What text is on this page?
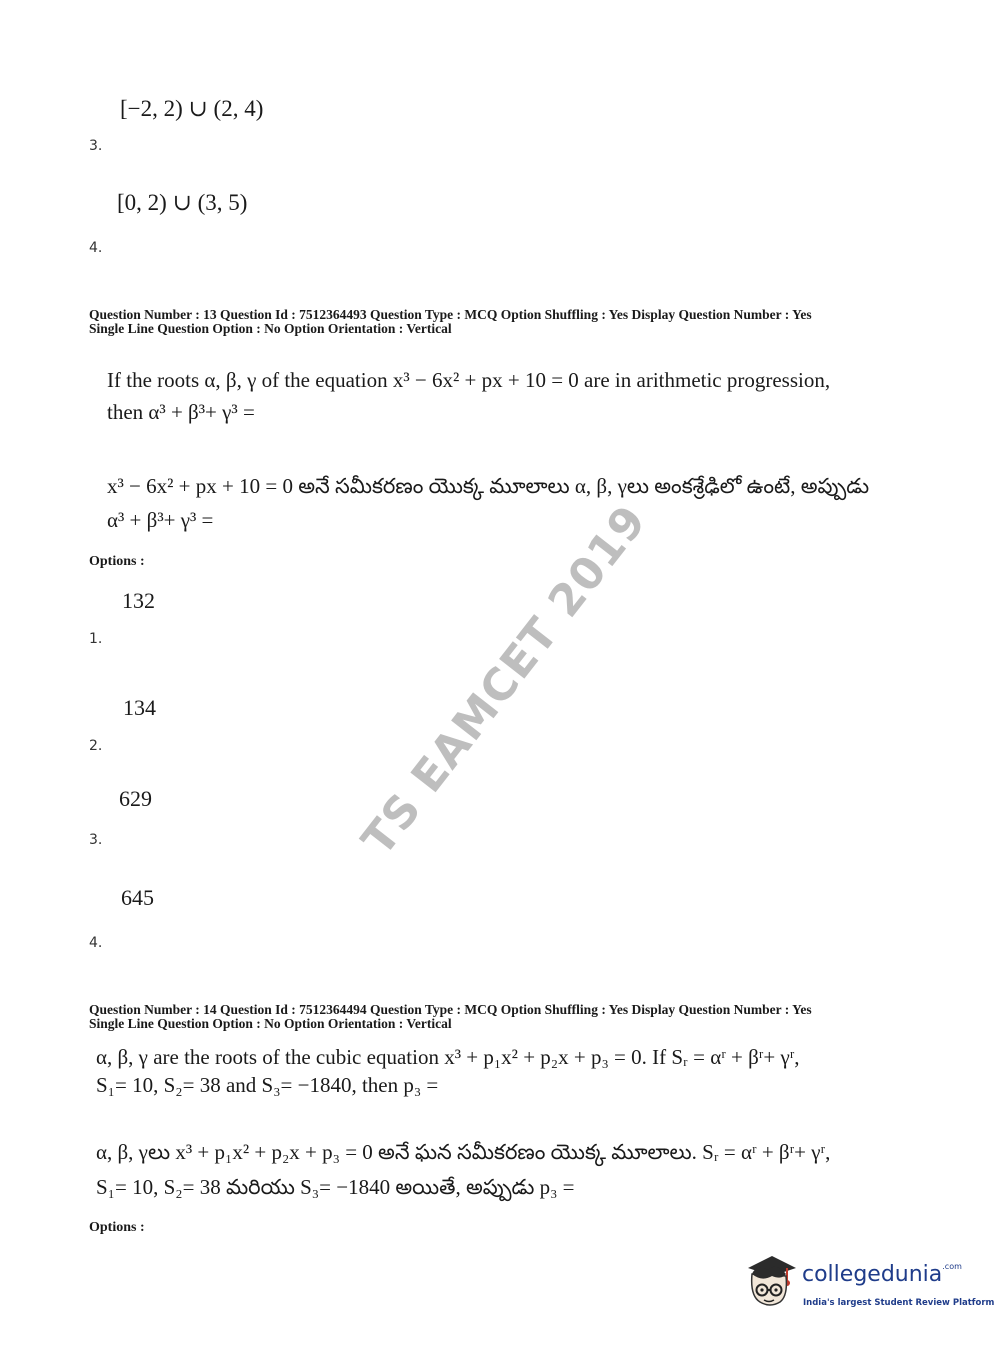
[−2, 2) ∪ (2, 4)
3.
[0, 2) ∪ (3, 5)
4.
Question Number : 13 Question Id : 7512364493 Question Type : MCQ Option Shuffling : Yes Display Question Number : Yes
Single Line Question Option : No Option Orientation : Vertical
If the roots α, β, γ of the equation x³ − 6x² + px + 10 = 0 are in arithmetic progression,
then α³ + β³+ γ³ =
x³ − 6x² + px + 10 = 0 అనే సమీకరణం యొక్క మూలాలు α, β, γలు అంకశ్రేఢిలో ఉంటే, అప్పుడు
α³ + β³+ γ³ =
Options :
132
1.
134
2.
629
3.
645
4.
Question Number : 14 Question Id : 7512364494 Question Type : MCQ Option Shuffling : Yes Display Question Number : Yes
Single Line Question Option : No Option Orientation : Vertical
α, β, γ are the roots of the cubic equation x³ + p₁x² + p₂x + p₃ = 0. If Sᵣ = αʳ + βʳ+ γʳ,
S₁= 10, S₂= 38 and S₃= −1840, then p₃ =
α, β, γలు x³ + p₁x² + p₂x + p₃ = 0 అనే ఘన సమీకరణం యొక్క మూలాలు. Sᵣ = αʳ + βʳ+ γʳ,
S₁= 10, S₂= 38 మరియు S₃= −1840 అయితే, అప్పుడు p₃ =
Options :
TS EAMCET 2019
collegedunia$^{.com}$
India's largest Student Review Platform
